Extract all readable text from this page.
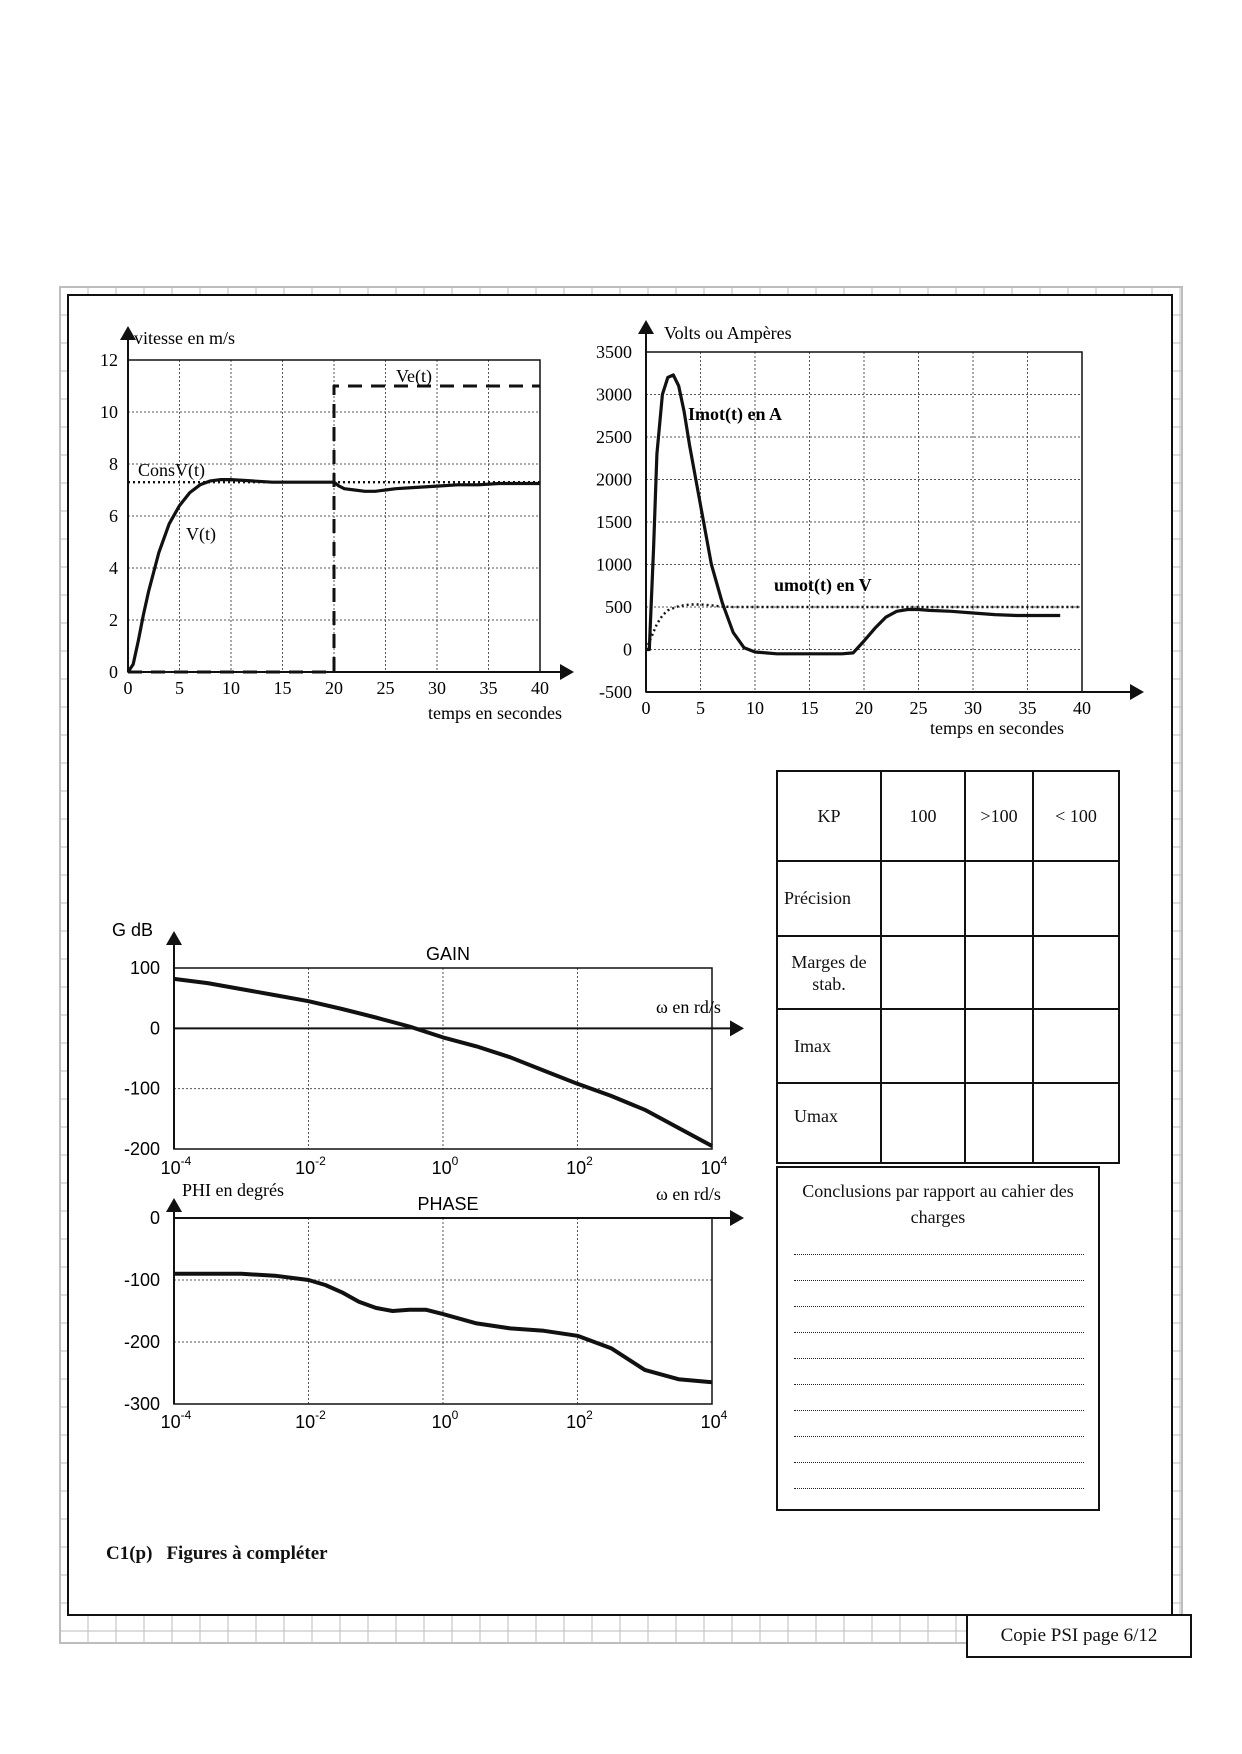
0
2
4
6
8
10
12
0 5 10 15 20 25 30 35 40
vitesse en m/s
temps en secondes
-500
0
500
1000
1500
2000
2500
3000
3500
0	5 10 15 20 25 30 35 40
Volts ou Ampères
temps en secondes
-200
-100
0
100
$10^{-4}$	$10^{-2}$	$10^0$	$10^2$	$10^4$
G dB
GAIN
-300
-200
-100
0
$10^{-4}$	$10^{-2}$	$10^0$	$10^2$	$10^4$
PHI en degrés
PHASE
Ve(t)
ConsV(t)
V(t)
Imot(t) en A
umot(t) en V
ω en rd/s
ω en rd/s
KP	100	>100	< 100
Précision			
Marges de stab.			
Imax			
Umax			
Conclusions par rapport au cahier des charges
C1(p) Figures à compléter
Copie PSI page 6/12
